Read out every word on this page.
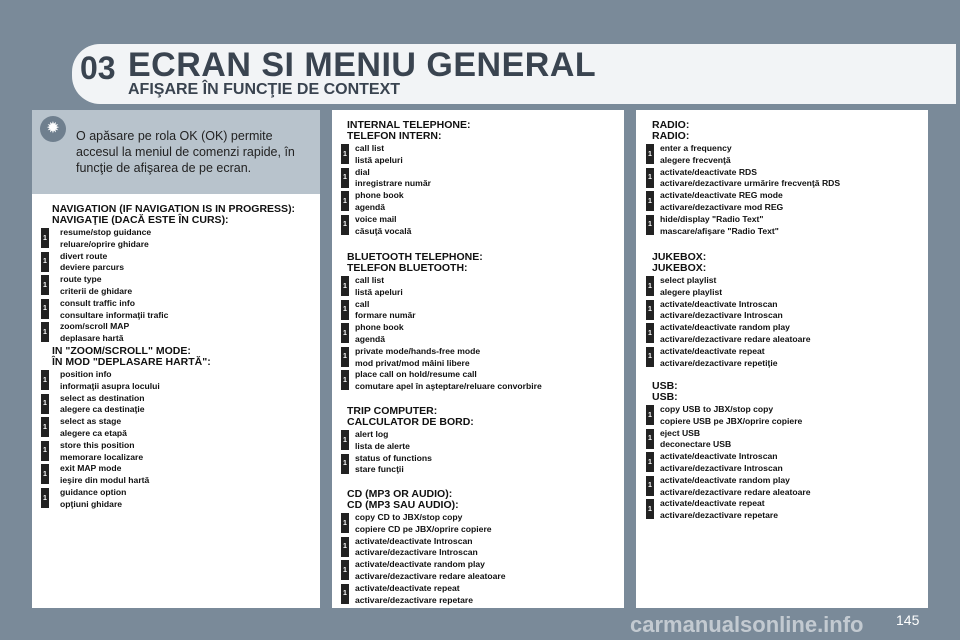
03 ECRAN SI MENIU GENERAL
AFIŞARE ÎN FUNCŢIE DE CONTEXT
✹	O apăsare pe rola OK (OK) permite accesul la meniul de comenzi rapide, în funcţie de afişarea de pe ecran.
NAVIGATION (IF NAVIGATION IS IN PROGRESS):
NAVIGAŢIE (DACĂ ESTE ÎN CURS):
resume/stop guidance
1
reluare/oprire ghidare
divert route
1
deviere parcurs
route type
1
criterii de ghidare
consult traffic info
1
consultare informaţii trafic
zoom/scroll MAP
1
deplasare hartă
IN "ZOOM/SCROLL" MODE:
ÎN MOD "DEPLASARE HARTĂ":
position info
1
informaţii asupra locului
select as destination
1
alegere ca destinaţie
select as stage
1
alegere ca etapă
store this position
1
memorare localizare
exit MAP mode
1
ieşire din modul hartă
guidance option
1
opţiuni ghidare
INTERNAL TELEPHONE:
TELEFON INTERN:
call list
1
listă apeluri
dial
1
inregistrare număr
phone book
1
agendă
voice mail
1
căsuţă vocală
BLUETOOTH TELEPHONE:
TELEFON BLUETOOTH:
call list
1
listă apeluri
call
1
formare număr
phone book
1
agendă
private mode/hands-free mode
1
mod privat/mod mâini libere
place call on hold/resume call
1
comutare apel în aşteptare/reluare convorbire
TRIP COMPUTER:
CALCULATOR DE BORD:
alert log
1
lista de alerte
status of functions
1
stare funcţii
CD (MP3 OR AUDIO):
CD (MP3 SAU AUDIO):
copy CD to JBX/stop copy
1
copiere CD pe JBX/oprire copiere
activate/deactivate Introscan
1
activare/dezactivare Introscan
activate/deactivate random play
1
activare/dezactivare redare aleatoare
activate/deactivate repeat
1
activare/dezactivare repetare
RADIO:
RADIO:
enter a frequency
1
alegere frecvenţă
activate/deactivate RDS
1
activare/dezactivare urmărire frecvenţă RDS
activate/deactivate REG mode
1
activare/dezactivare mod REG
hide/display "Radio Text"
1
mascare/afişare "Radio Text"
JUKEBOX:
JUKEBOX:
select playlist
1
alegere playlist
activate/deactivate Introscan
1
activare/dezactivare Introscan
activate/deactivate random play
1
activare/dezactivare redare aleatoare
activate/deactivate repeat
1
activare/dezactivare repetiţie
USB:
USB:
copy USB to JBX/stop copy
1
copiere USB pe JBX/oprire copiere
eject USB
1
deconectare USB
activate/deactivate Introscan
1
activare/dezactivare Introscan
activate/deactivate random play
1
activare/dezactivare redare aleatoare
activate/deactivate repeat
1
activare/dezactivare repetare
carmanualsonline.info 145
